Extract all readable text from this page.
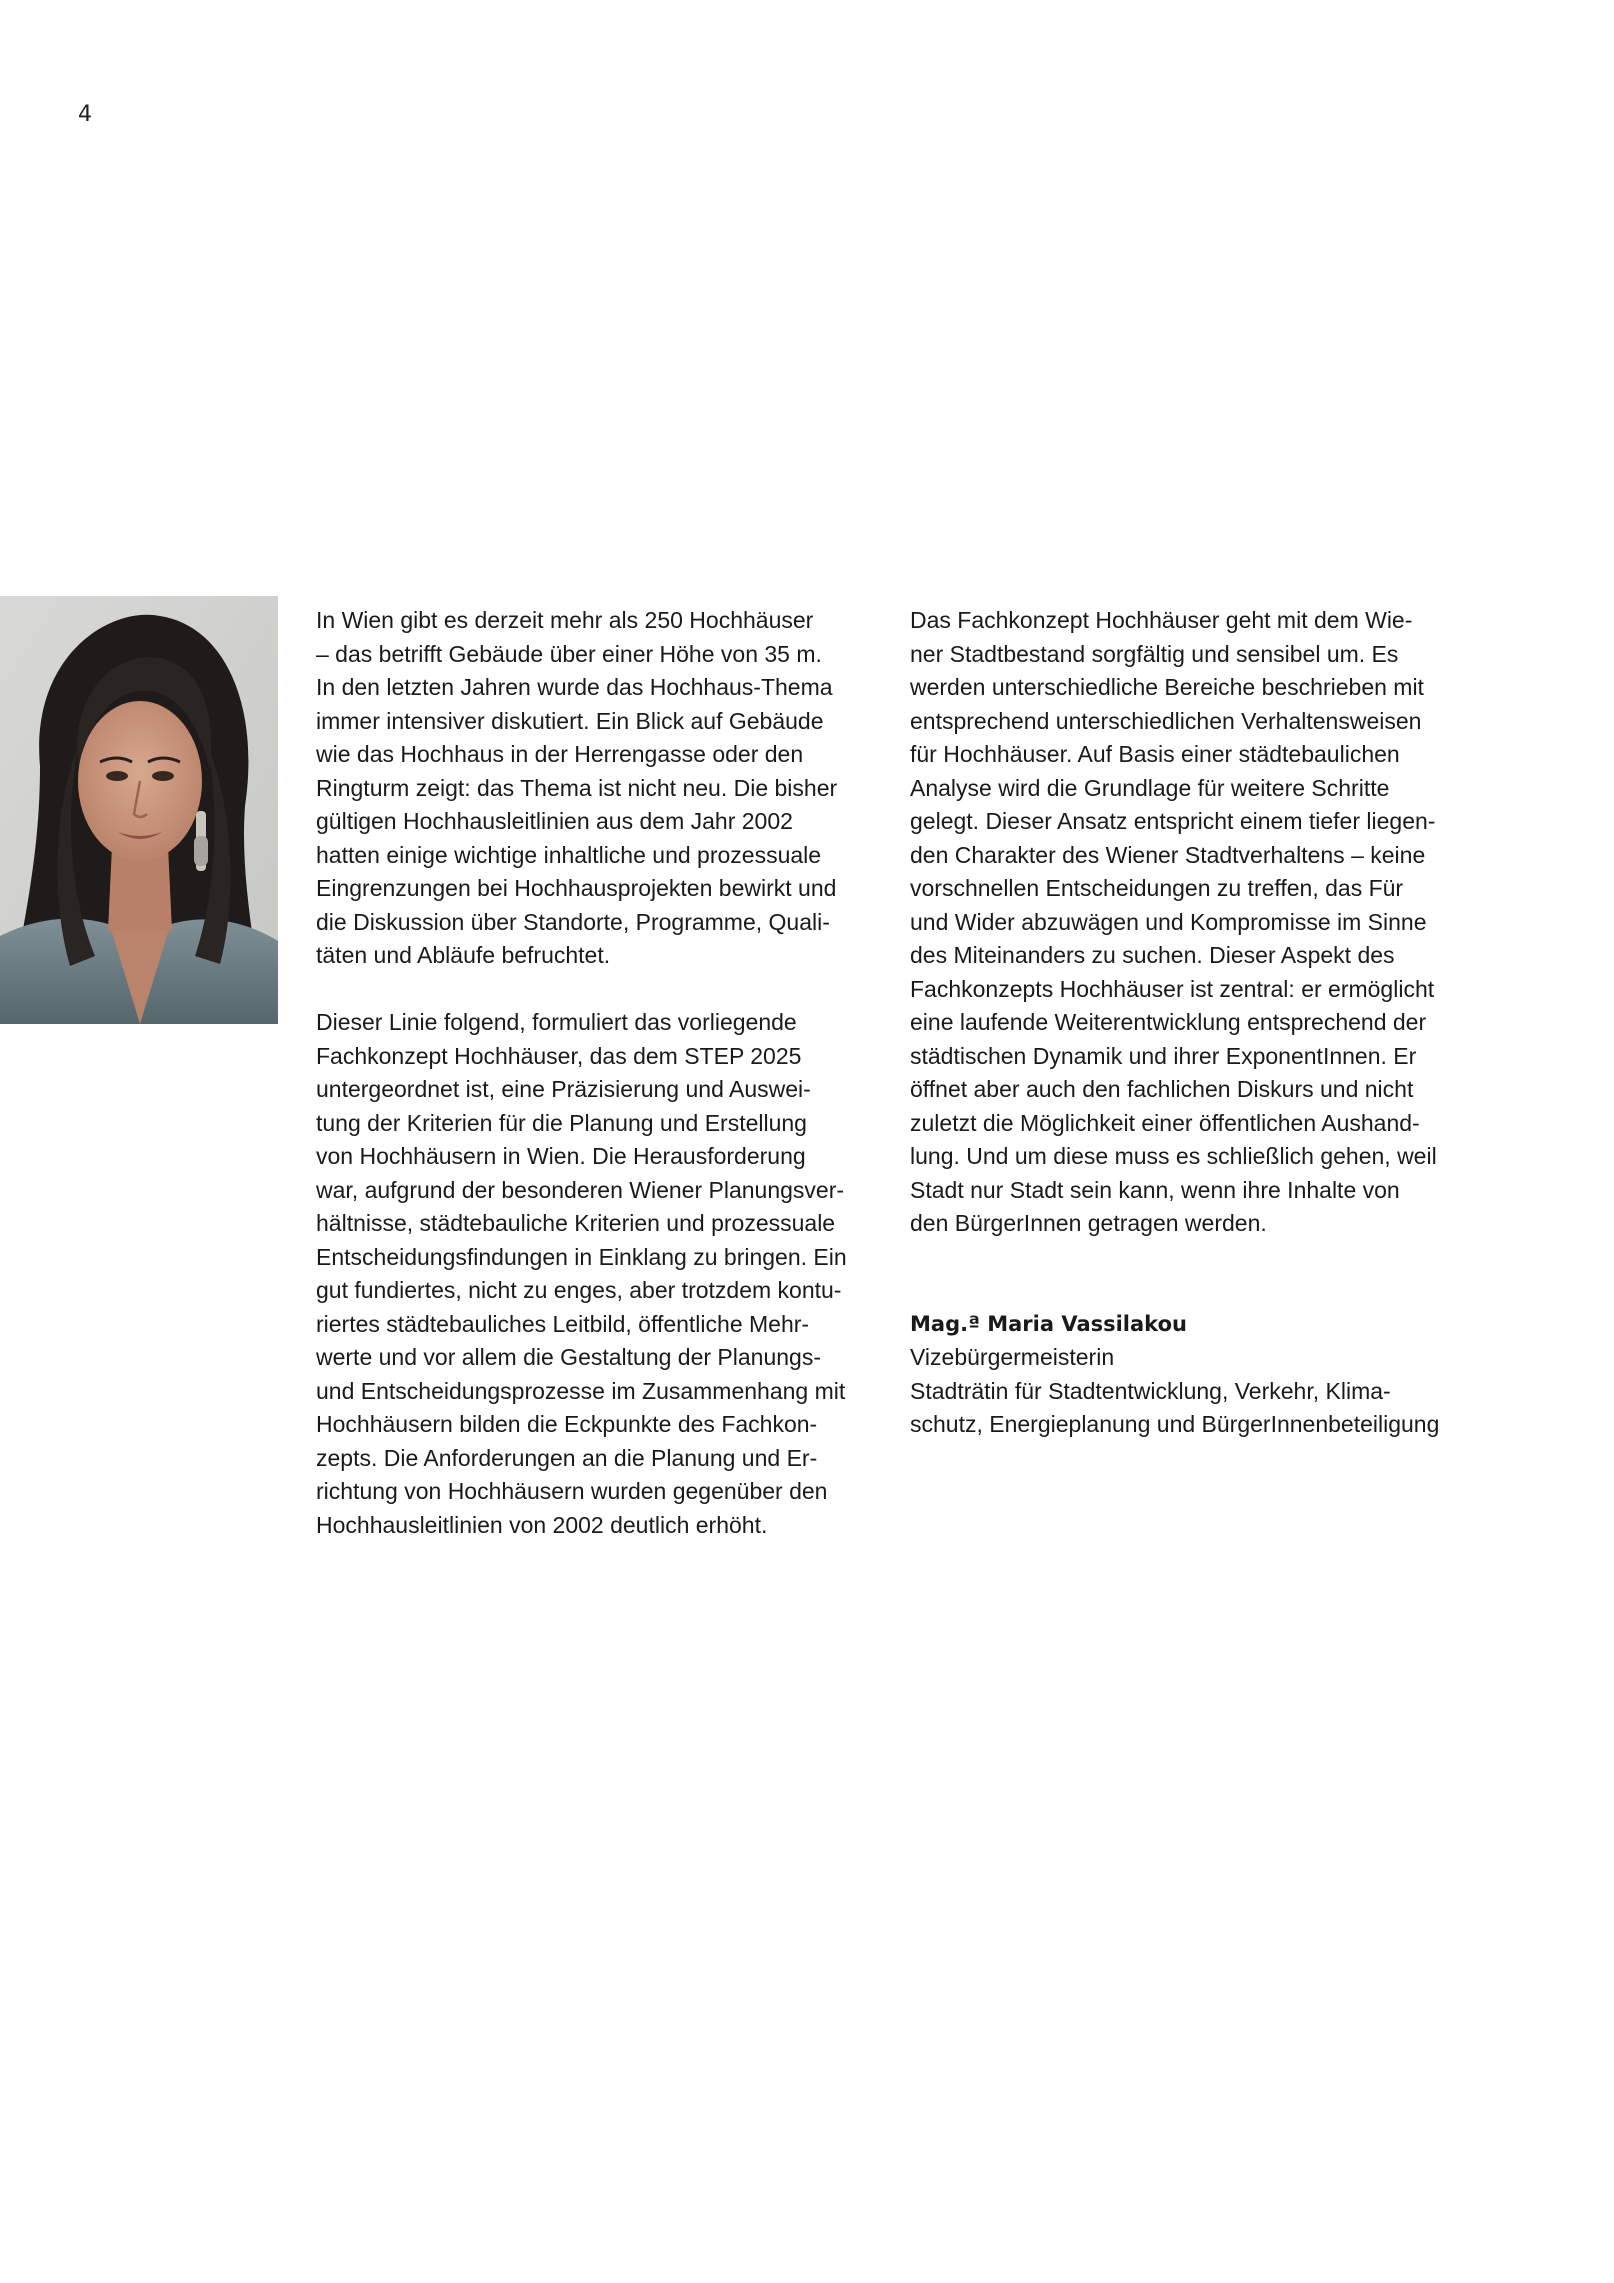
4
In Wien gibt es derzeit mehr als 250 Hochhäuser
– das betrifft Gebäude über einer Höhe von 35 m.
In den letzten Jahren wurde das Hochhaus-Thema
immer intensiver diskutiert. Ein Blick auf Gebäude
wie das Hochhaus in der Herrengasse oder den
Ringturm zeigt: das Thema ist nicht neu. Die bisher
gültigen Hochhausleitlinien aus dem Jahr 2002
hatten einige wichtige inhaltliche und prozessuale
Eingrenzungen bei Hochhausprojekten bewirkt und
die Diskussion über Standorte, Programme, Quali-
täten und Abläufe befruchtet.
Dieser Linie folgend, formuliert das vorliegende
Fachkonzept Hochhäuser, das dem STEP 2025
untergeordnet ist, eine Präzisierung und Auswei-
tung der Kriterien für die Planung und Erstellung
von Hochhäusern in Wien. Die Herausforderung
war, aufgrund der besonderen Wiener Planungsver-
hältnisse, städtebauliche Kriterien und prozessuale
Entscheidungsfindungen in Einklang zu bringen. Ein
gut fundiertes, nicht zu enges, aber trotzdem kontu-
riertes städtebauliches Leitbild, öffentliche Mehr-
werte und vor allem die Gestaltung der Planungs-
und Entscheidungsprozesse im Zusammenhang mit
Hochhäusern bilden die Eckpunkte des Fachkon-
zepts. Die Anforderungen an die Planung und Er-
richtung von Hochhäusern wurden gegenüber den
Hochhausleitlinien von 2002 deutlich erhöht.
Das Fachkonzept Hochhäuser geht mit dem Wie-
ner Stadtbestand sorgfältig und sensibel um. Es
werden unterschiedliche Bereiche beschrieben mit
entsprechend unterschiedlichen Verhaltensweisen
für Hochhäuser. Auf Basis einer städtebaulichen
Analyse wird die Grundlage für weitere Schritte
gelegt. Dieser Ansatz entspricht einem tiefer liegen-
den Charakter des Wiener Stadtverhaltens – keine
vorschnellen Entscheidungen zu treffen, das Für
und Wider abzuwägen und Kompromisse im Sinne
des Miteinanders zu suchen. Dieser Aspekt des
Fachkonzepts Hochhäuser ist zentral: er ermöglicht
eine laufende Weiterentwicklung entsprechend der
städtischen Dynamik und ihrer ExponentInnen. Er
öffnet aber auch den fachlichen Diskurs und nicht
zuletzt die Möglichkeit einer öffentlichen Aushand-
lung. Und um diese muss es schließlich gehen, weil
Stadt nur Stadt sein kann, wenn ihre Inhalte von
den BürgerInnen getragen werden.
Mag.ª Maria Vassilakou
Vizebürgermeisterin
Stadträtin für Stadtentwicklung, Verkehr, Klima-
schutz, Energieplanung und BürgerInnenbeteiligung
